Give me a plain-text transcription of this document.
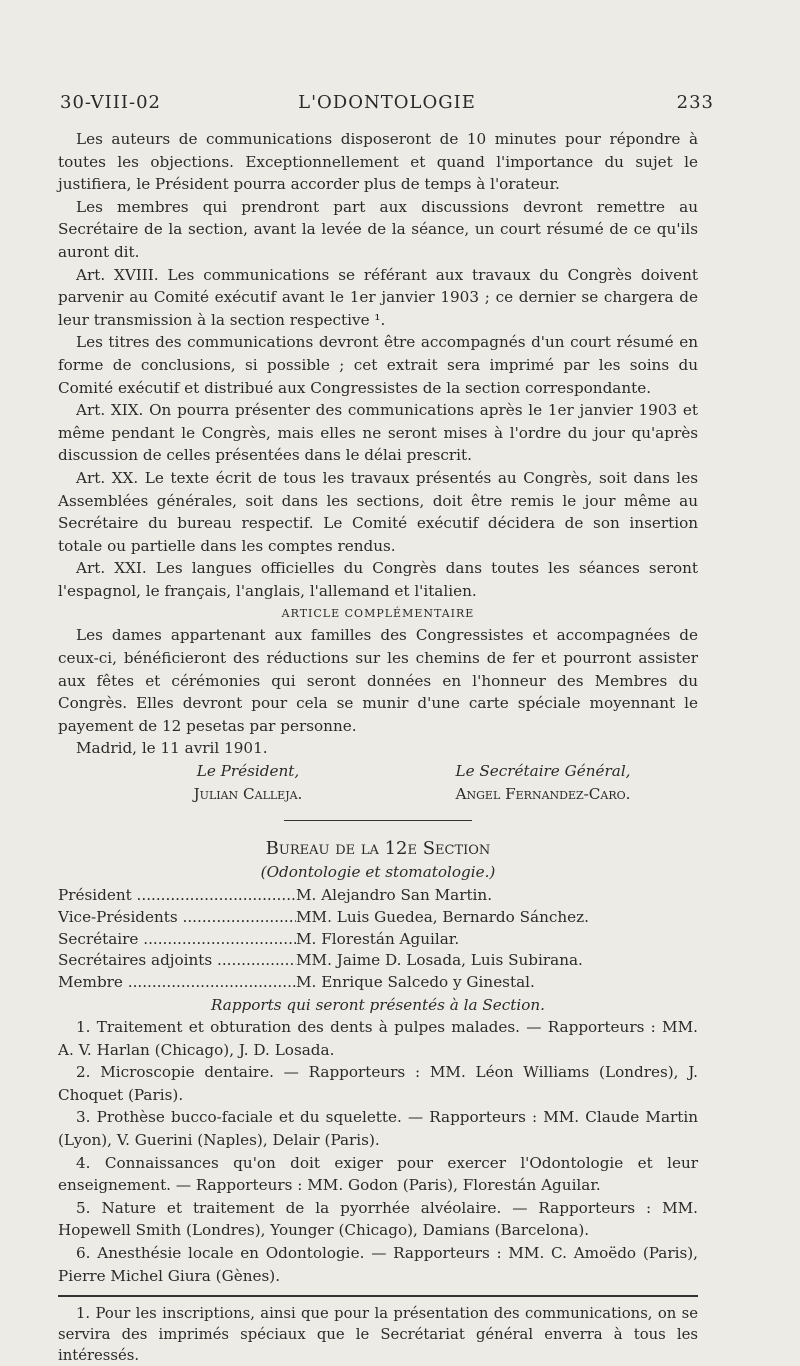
30-VIII-02	L'ODONTOLOGIE	233

Les auteurs de communications disposeront de 10 minutes pour répondre à toutes les objections. Exceptionnellement et quand l'importance du sujet le justifiera, le Président pourra accorder plus de temps à l'orateur.

Les membres qui prendront part aux discussions devront remettre au Secrétaire de la section, avant la levée de la séance, un court résumé de ce qu'ils auront dit.

Art. XVIII. Les communications se référant aux travaux du Congrès doivent parvenir au Comité exécutif avant le 1er janvier 1903 ; ce dernier se chargera de leur transmission à la section respective ¹.

Les titres des communications devront être accompagnés d'un court résumé en forme de conclusions, si possible ; cet extrait sera imprimé par les soins du Comité exécutif et distribué aux Congressistes de la section correspondante.

Art. XIX. On pourra présenter des communications après le 1er janvier 1903 et même pendant le Congrès, mais elles ne seront mises à l'ordre du jour qu'après discussion de celles présentées dans le délai prescrit.

Art. XX. Le texte écrit de tous les travaux présentés au Congrès, soit dans les Assemblées générales, soit dans les sections, doit être remis le jour même au Secrétaire du bureau respectif. Le Comité exécutif décidera de son insertion totale ou partielle dans les comptes rendus.

Art. XXI. Les langues officielles du Congrès dans toutes les séances seront l'espagnol, le français, l'anglais, l'allemand et l'italien.

ARTICLE COMPLÉMENTAIRE

Les dames appartenant aux familles des Congressistes et accompagnées de ceux-ci, bénéficieront des réductions sur les chemins de fer et pourront assister aux fêtes et cérémonies qui seront données en l'honneur des Membres du Congrès. Elles devront pour cela se munir d'une carte spéciale moyennant le payement de 12 pesetas par personne.

Madrid, le 11 avril 1901.

Le Président,
Julian Calleja.
Le Secrétaire Général,
Angel Fernandez-Caro.
Bureau de la 12e Section
(Odontologie et stomatologie.)
Président .....	M. Alejandro San Martin.
Vice-Présidents .....	MM. Luis Guedea, Bernardo Sánchez.
Secrétaire .....	M. Florestán Aguilar.
Secrétaires adjoints .....	MM. Jaime D. Losada, Luis Subirana.
Membre .....	M. Enrique Salcedo y Ginestal.
Rapports qui seront présentés à la Section.

1. Traitement et obturation des dents à pulpes malades. — Rapporteurs : MM. A. V. Harlan (Chicago), J. D. Losada.

2. Microscopie dentaire. — Rapporteurs : MM. Léon Williams (Londres), J. Choquet (Paris).

3. Prothèse bucco-faciale et du squelette. — Rapporteurs : MM. Claude Martin (Lyon), V. Guerini (Naples), Delair (Paris).

4. Connaissances qu'on doit exiger pour exercer l'Odontologie et leur enseignement. — Rapporteurs : MM. Godon (Paris), Florestán Aguilar.

5. Nature et traitement de la pyorrhée alvéolaire. — Rapporteurs : MM. Hopewell Smith (Londres), Younger (Chicago), Damians (Barcelona).

6. Anesthésie locale en Odontologie. — Rapporteurs : MM. C. Amoëdo (Paris), Pierre Michel Giura (Gènes).

1. Pour les inscriptions, ainsi que pour la présentation des communications, on se servira des imprimés spéciaux que le Secrétariat général enverra à tous les intéressés.
